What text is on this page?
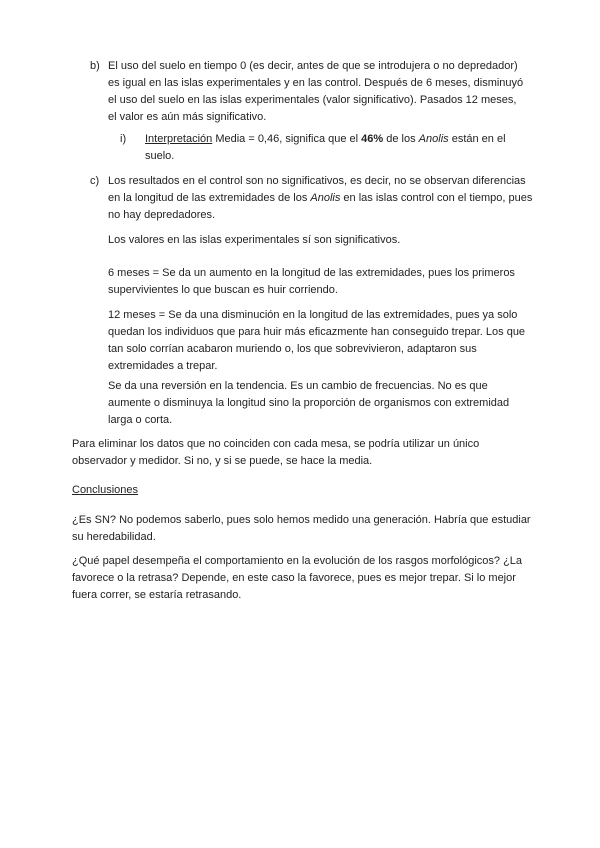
b) El uso del suelo en tiempo 0 (es decir, antes de que se introdujera o no depredador) es igual en las islas experimentales y en las control. Después de 6 meses, disminuyó el uso del suelo en las islas experimentales (valor significativo). Pasados 12 meses, el valor es aún más significativo.

i) Interpretación Media = 0,46, significa que el 46% de los Anolis están en el suelo.

c) Los resultados en el control son no significativos, es decir, no se observan diferencias en la longitud de las extremidades de los Anolis en las islas control con el tiempo, pues no hay depredadores.

Los valores en las islas experimentales sí son significativos.

6 meses = Se da un aumento en la longitud de las extremidades, pues los primeros supervivientes lo que buscan es huir corriendo.

12 meses = Se da una disminución en la longitud de las extremidades, pues ya solo quedan los individuos que para huir más eficazmente han conseguido trepar. Los que tan solo corrían acabaron muriendo o, los que sobrevivieron, adaptaron sus extremidades a trepar.

Se da una reversión en la tendencia. Es un cambio de frecuencias. No es que aumente o disminuya la longitud sino la proporción de organismos con extremidad larga o corta.

Para eliminar los datos que no coinciden con cada mesa, se podría utilizar un único observador y medidor. Si no, y si se puede, se hace la media.

Conclusiones

¿Es SN? No podemos saberlo, pues solo hemos medido una generación. Habría que estudiar su heredabilidad.

¿Qué papel desempeña el comportamiento en la evolución de los rasgos morfológicos? ¿La favorece o la retrasa? Depende, en este caso la favorece, pues es mejor trepar. Si lo mejor fuera correr, se estaría retrasando.
